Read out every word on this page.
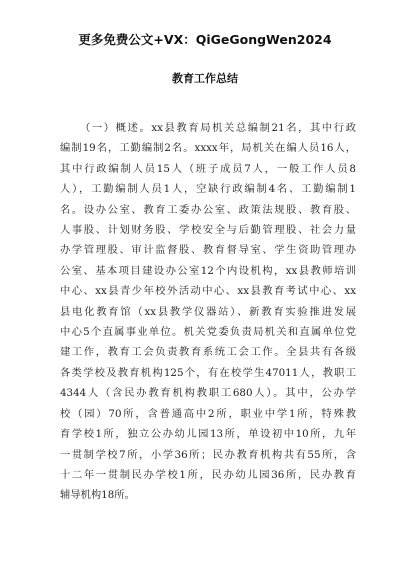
更多免费公文+VX：QiGeGongWen2024
教育工作总结
（一）概述。xx县教育局机关总编制21名，其中行政
编制19名，工勤编制2名。xxxx年，局机关在编人员16人，
其中行政编制人员15人（班子成员7人，一般工作人员8
人），工勤编制人员1人，空缺行政编制4名、工勤编制1
名。设办公室、教育工委办公室、政策法规股、教育股、
人事股、计划财务股、学校安全与后勤管理股、社会力量
办学管理股、审计监督股、教育督导室、学生资助管理办
公室、基本项目建设办公室12个内设机构，xx县教师培训
中心、xx县青少年校外活动中心、xx县教育考试中心、xx
县电化教育馆（xx县教学仪器站）、新教育实验推进发展
中心5个直属事业单位。机关党委负责局机关和直属单位党
建工作，教育工会负责教育系统工会工作。全县共有各级
各类学校及教育机构125个，有在校学生47011人，教职工
4344人（含民办教育机构教职工680人）。其中，公办学
校（园）70所，含普通高中2所，职业中学1所，特殊教
育学校1所，独立公办幼儿园13所，单设初中10所，九年
一贯制学校7所，小学36所；民办教育机构共有55所，含
十二年一贯制民办学校1所，民办幼儿园36所，民办教育
辅导机构18所。
